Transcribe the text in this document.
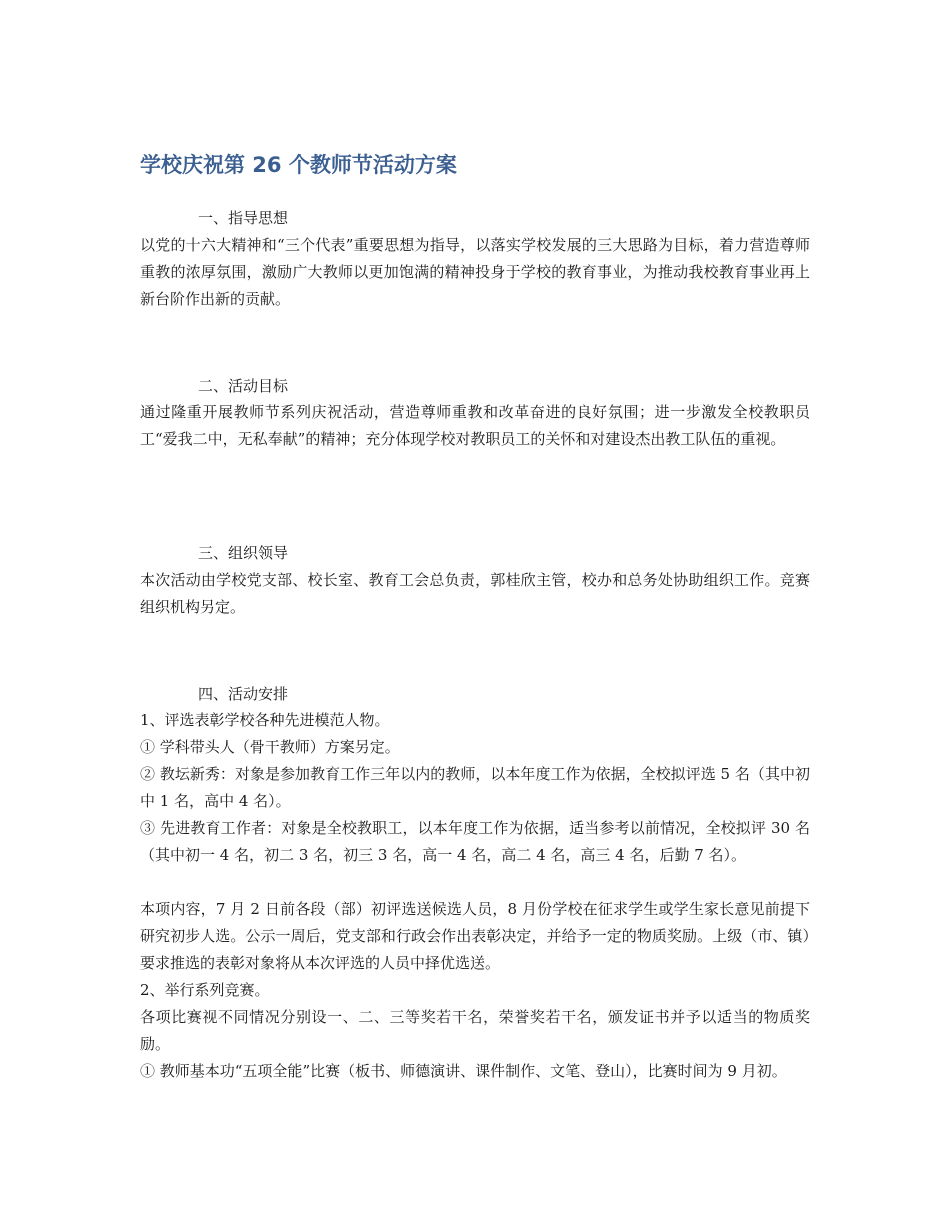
学校庆祝第 26 个教师节活动方案
一、指导思想

以党的十六大精神和“三个代表”重要思想为指导，以落实学校发展的三大思路为目标，着力营造尊师重教的浓厚氛围，激励广大教师以更加饱满的精神投身于学校的教育事业，为推动我校教育事业再上新台阶作出新的贡献。

二、活动目标

通过隆重开展教师节系列庆祝活动，营造尊师重教和改革奋进的良好氛围；进一步激发全校教职员工“爱我二中，无私奉献”的精神；充分体现学校对教职员工的关怀和对建设杰出教工队伍的重视。

三、组织领导

本次活动由学校党支部、校长室、教育工会总负责，郭桂欣主管，校办和总务处协助组织工作。竞赛组织机构另定。

四、活动安排

1、评选表彰学校各种先进模范人物。

① 学科带头人（骨干教师）方案另定。

② 教坛新秀：对象是参加教育工作三年以内的教师，以本年度工作为依据，全校拟评选 5 名（其中初中 1 名，高中 4 名）。

③ 先进教育工作者：对象是全校教职工，以本年度工作为依据，适当参考以前情况，全校拟评 30 名（其中初一 4 名，初二 3 名，初三 3 名，高一 4 名，高二 4 名，高三 4 名，后勤 7 名）。

本项内容，7 月 2 日前各段（部）初评选送候选人员，8 月份学校在征求学生或学生家长意见前提下研究初步人选。公示一周后，党支部和行政会作出表彰决定，并给予一定的物质奖励。上级（市、镇）要求推选的表彰对象将从本次评选的人员中择优选送。

2、举行系列竞赛。

各项比赛视不同情况分别设一、二、三等奖若干名，荣誉奖若干名，颁发证书并予以适当的物质奖励。

① 教师基本功“五项全能”比赛（板书、师德演讲、课件制作、文笔、登山），比赛时间为 9 月初。
